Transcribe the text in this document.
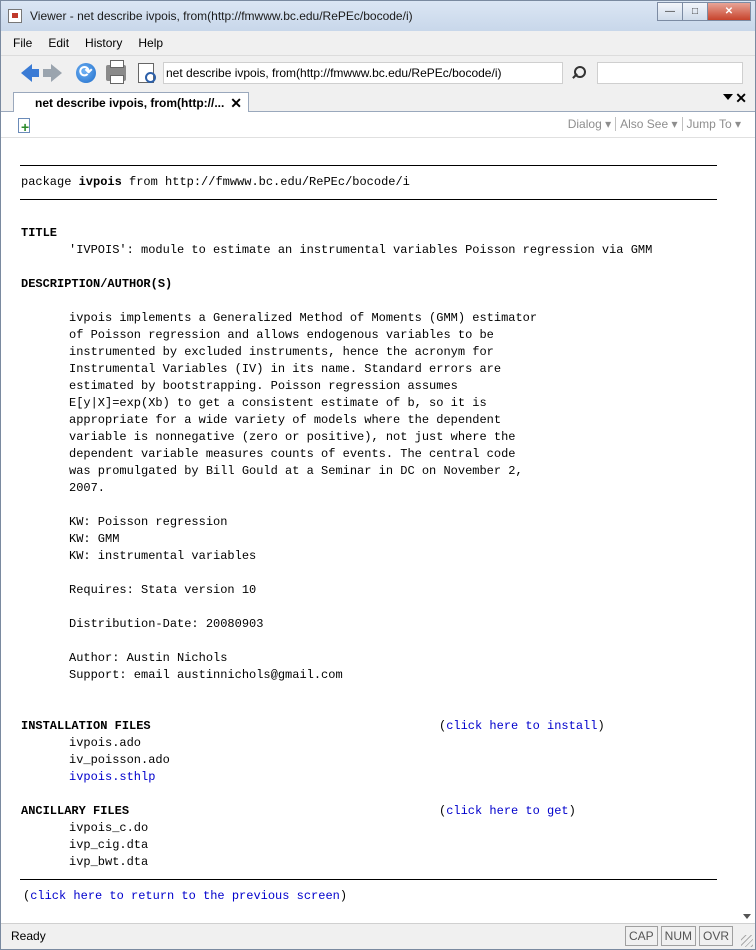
Viewer - net describe ivpois, from(http://fmwww.bc.edu/RePEc/bocode/i)	—	□	✕
File	Edit	History	Help
⟳
net describe ivpois, from(http://fmwww.bc.edu/RePEc/bocode/i)
net describe ivpois, from(http://... ✕	✕
+
Dialog ▾ Also See ▾ Jump To ▾
package ivpois from http://fmwww.bc.edu/RePEc/bocode/i
TITLE
'IVPOIS': module to estimate an instrumental variables Poisson regression via GMM
DESCRIPTION/AUTHOR(S)
ivpois implements a Generalized Method of Moments (GMM) estimator
of Poisson regression and allows endogenous variables to be
instrumented by excluded instruments, hence the acronym for
Instrumental Variables (IV) in its name. Standard errors are
estimated by bootstrapping. Poisson regression assumes
E[y|X]=exp(Xb) to get a consistent estimate of b, so it is
appropriate for a wide variety of models where the dependent
variable is nonnegative (zero or positive), not just where the
dependent variable measures counts of events. The central code
was promulgated by Bill Gould at a Seminar in DC on November 2,
2007.
KW: Poisson regression
KW: GMM
KW: instrumental variables
Requires: Stata version 10
Distribution-Date: 20080903
Author: Austin Nichols
Support: email austinnichols@gmail.com
INSTALLATION FILES	(click here to install)
ivpois.ado
iv_poisson.ado
ivpois.sthlp
ANCILLARY FILES	(click here to get)
ivpois_c.do
ivp_cig.dta
ivp_bwt.dta
(click here to return to the previous screen)
Ready	CAP NUM OVR
